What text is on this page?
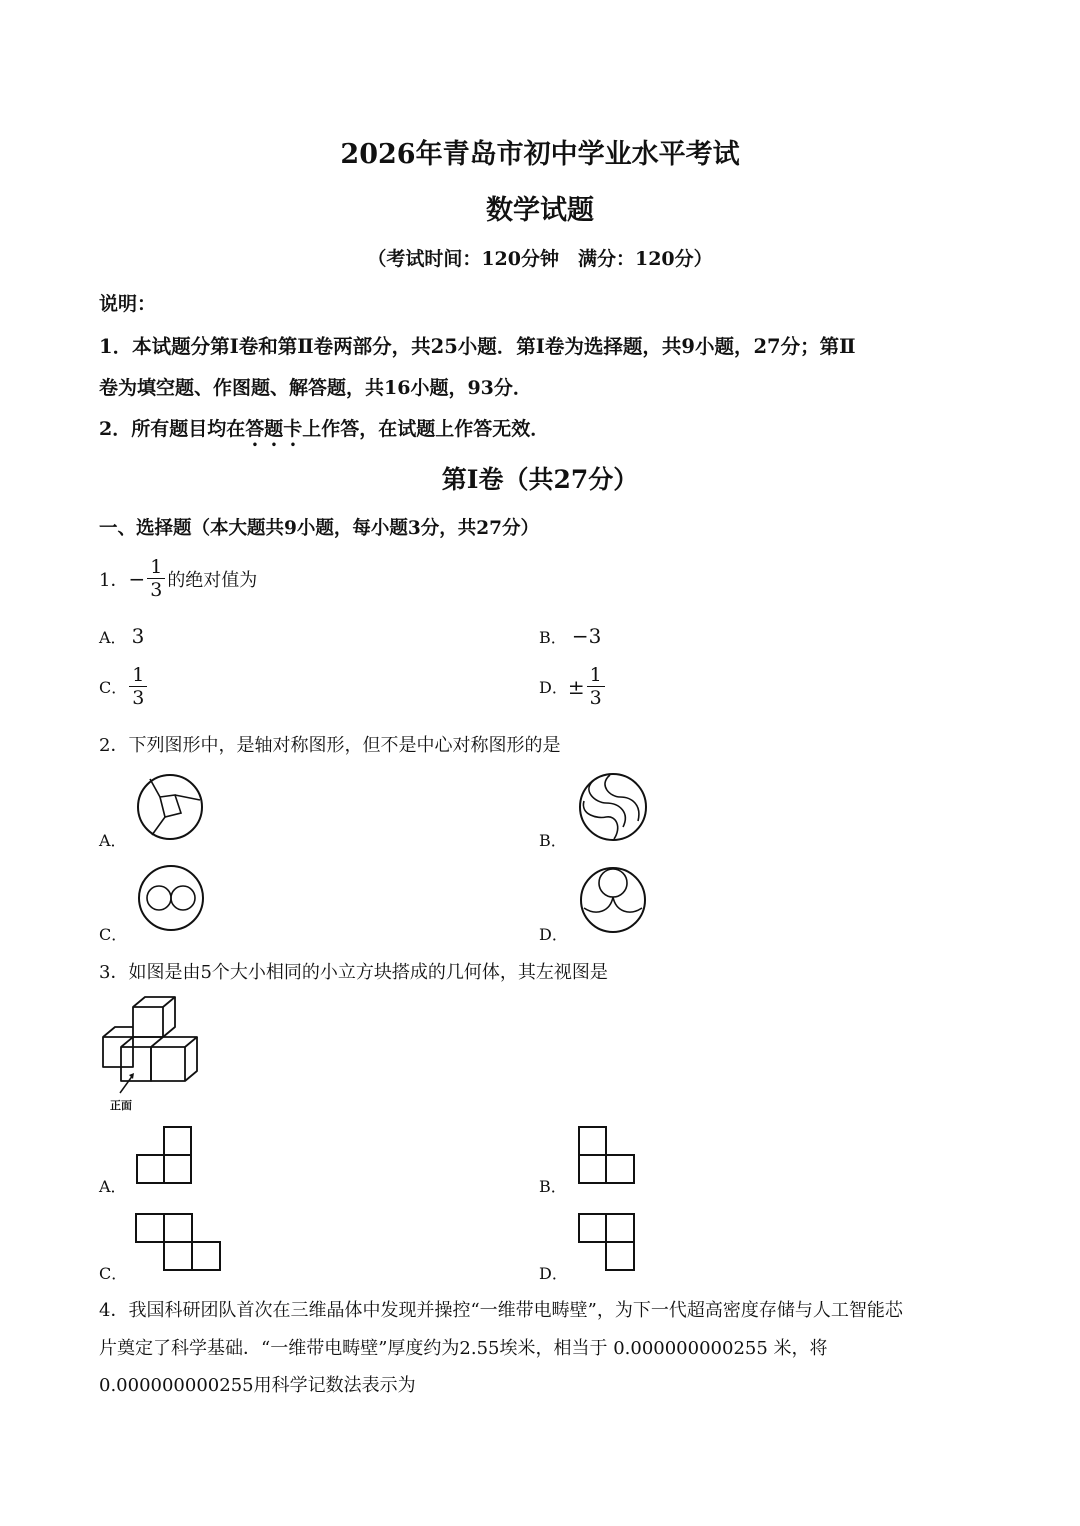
2026年青岛市初中学业水平考试
数学试题
（考试时间：120分钟　满分：120分）
说明：
1．本试题分第Ⅰ卷和第Ⅱ卷两部分，共25小题．第Ⅰ卷为选择题，共9小题，27分；第Ⅱ
卷为填空题、作图题、解答题，共16小题，93分．
2．所有题目均在答题卡上作答，在试题上作答无效．
第Ⅰ卷（共27分）
一、选择题（本大题共9小题，每小题3分，共27分）
1． − $\frac{1}{3}$ 的绝对值为
A． 3	B． −3
C． $\frac{1}{3}$	D． ± $\frac{1}{3}$
2．下列图形中，是轴对称图形，但不是中心对称图形的是
A．	B．
C．	D．
3．如图是由5个大小相同的小立方块搭成的几何体，其左视图是
正面
A．	B．
C．	D．
4．我国科研团队首次在三维晶体中发现并操控“一维带电畴壁”，为下一代超高密度存储与人工智能芯
片奠定了科学基础．“一维带电畴壁”厚度约为2.55埃米，相当于 0.000000000255 米，将
0.000000000255用科学记数法表示为
